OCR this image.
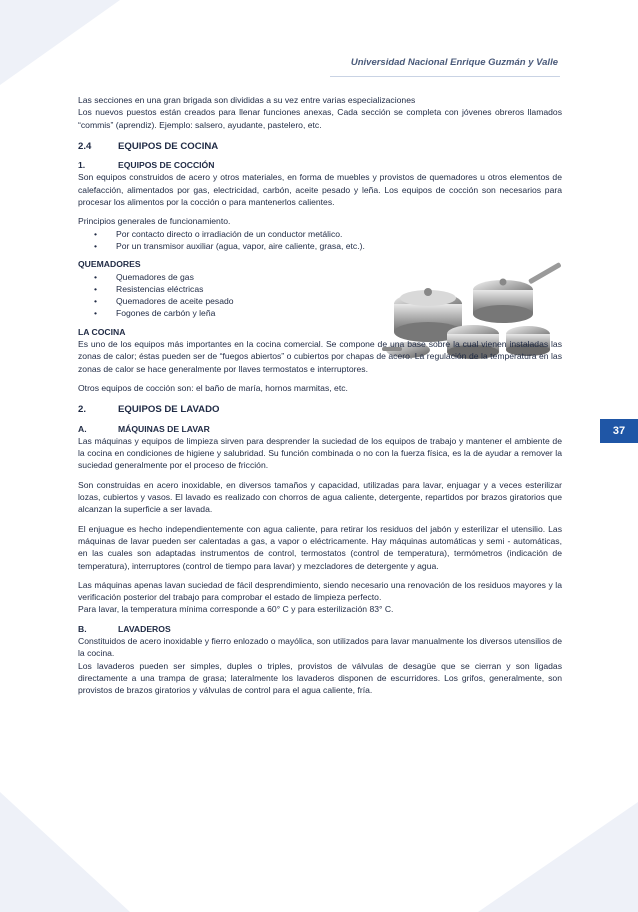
Universidad Nacional Enrique Guzmán y Valle
37

Las secciones en una gran brigada son divididas a su vez entre varias especializaciones

Los nuevos puestos están creados para llenar funciones anexas, Cada sección se completa con jóvenes obreros llamados “commis” (aprendiz). Ejemplo: salsero, ayudante, pastelero, etc.

2.4	EQUIPOS DE COCINA
1.	EQUIPOS DE COCCIÓN

Son equipos construidos de acero y otros materiales, en forma de muebles y provistos de quemadores u otros elementos de calefacción, alimentados por gas, electricidad, carbón, aceite pesado y leña. Los equipos de cocción son necesarios para procesar los alimentos por la cocción o para mantenerlos calientes.

Principios generales de funcionamiento.
• Por contacto directo o irradiación de un conductor metálico.
• Por un transmisor auxiliar (agua, vapor, aire caliente, grasa, etc.).
QUEMADORES
• Quemadores de gas
• Resistencias eléctricas
• Quemadores de aceite pesado
• Fogones de carbón y leña
LA COCINA

Es uno de los equipos más importantes en la cocina comercial. Se compone de una base sobre la cual vienen instaladas las zonas de calor; éstas pueden ser de “fuegos abiertos” o cubiertos por chapas de acero. La regulación de la temperatura en las zonas de calor se hace generalmente por llaves termostatos e interruptores.

Otros equipos de cocción son: el baño de maría, hornos marmitas, etc.

2.	EQUIPOS DE LAVADO
A.	MÁQUINAS DE LAVAR

Las máquinas y equipos de limpieza sirven para desprender la suciedad de los equipos de trabajo y mantener el ambiente de la cocina en condiciones de higiene y salubridad. Su función combinada o no con la fuerza física, es la de ayudar a remover la suciedad generalmente por el proceso de fricción.

Son construidas en acero inoxidable, en diversos tamaños y capacidad, utilizadas para lavar, enjuagar y a veces esterilizar lozas, cubiertos y vasos. El lavado es realizado con chorros de agua caliente, detergente, repartidos por brazos giratorios que alcanzan la superficie a ser lavada.

El enjuague es hecho independientemente con agua caliente, para retirar los residuos del jabón y esterilizar el utensilio. Las máquinas de lavar pueden ser calentadas a gas, a vapor o eléctricamente. Hay máquinas automáticas y semi - automáticas, en las cuales son adaptadas instrumentos de control, termostatos (control de temperatura), termómetros (indicación de temperatura), interruptores (control de tiempo para lavar) y mezcladores de detergente y agua.

Las máquinas apenas lavan suciedad de fácil desprendimiento, siendo necesario una renovación de los residuos mayores y la verificación posterior del trabajo para comprobar el estado de limpieza perfecto.

Para lavar, la temperatura mínima corresponde a 60° C y para esterilización 83° C.

B.	LAVADEROS

Constituidos de acero inoxidable y fierro enlozado o mayólica, son utilizados para lavar manualmente los diversos utensilios de la cocina.

Los lavaderos pueden ser simples, duples o triples, provistos de válvulas de desagüe que se cierran y son ligadas directamente a una trampa de grasa; lateralmente los lavaderos disponen de escurridores. Los grifos, generalmente, son provistos de brazos giratorios y válvulas de control para el agua caliente, fría.
